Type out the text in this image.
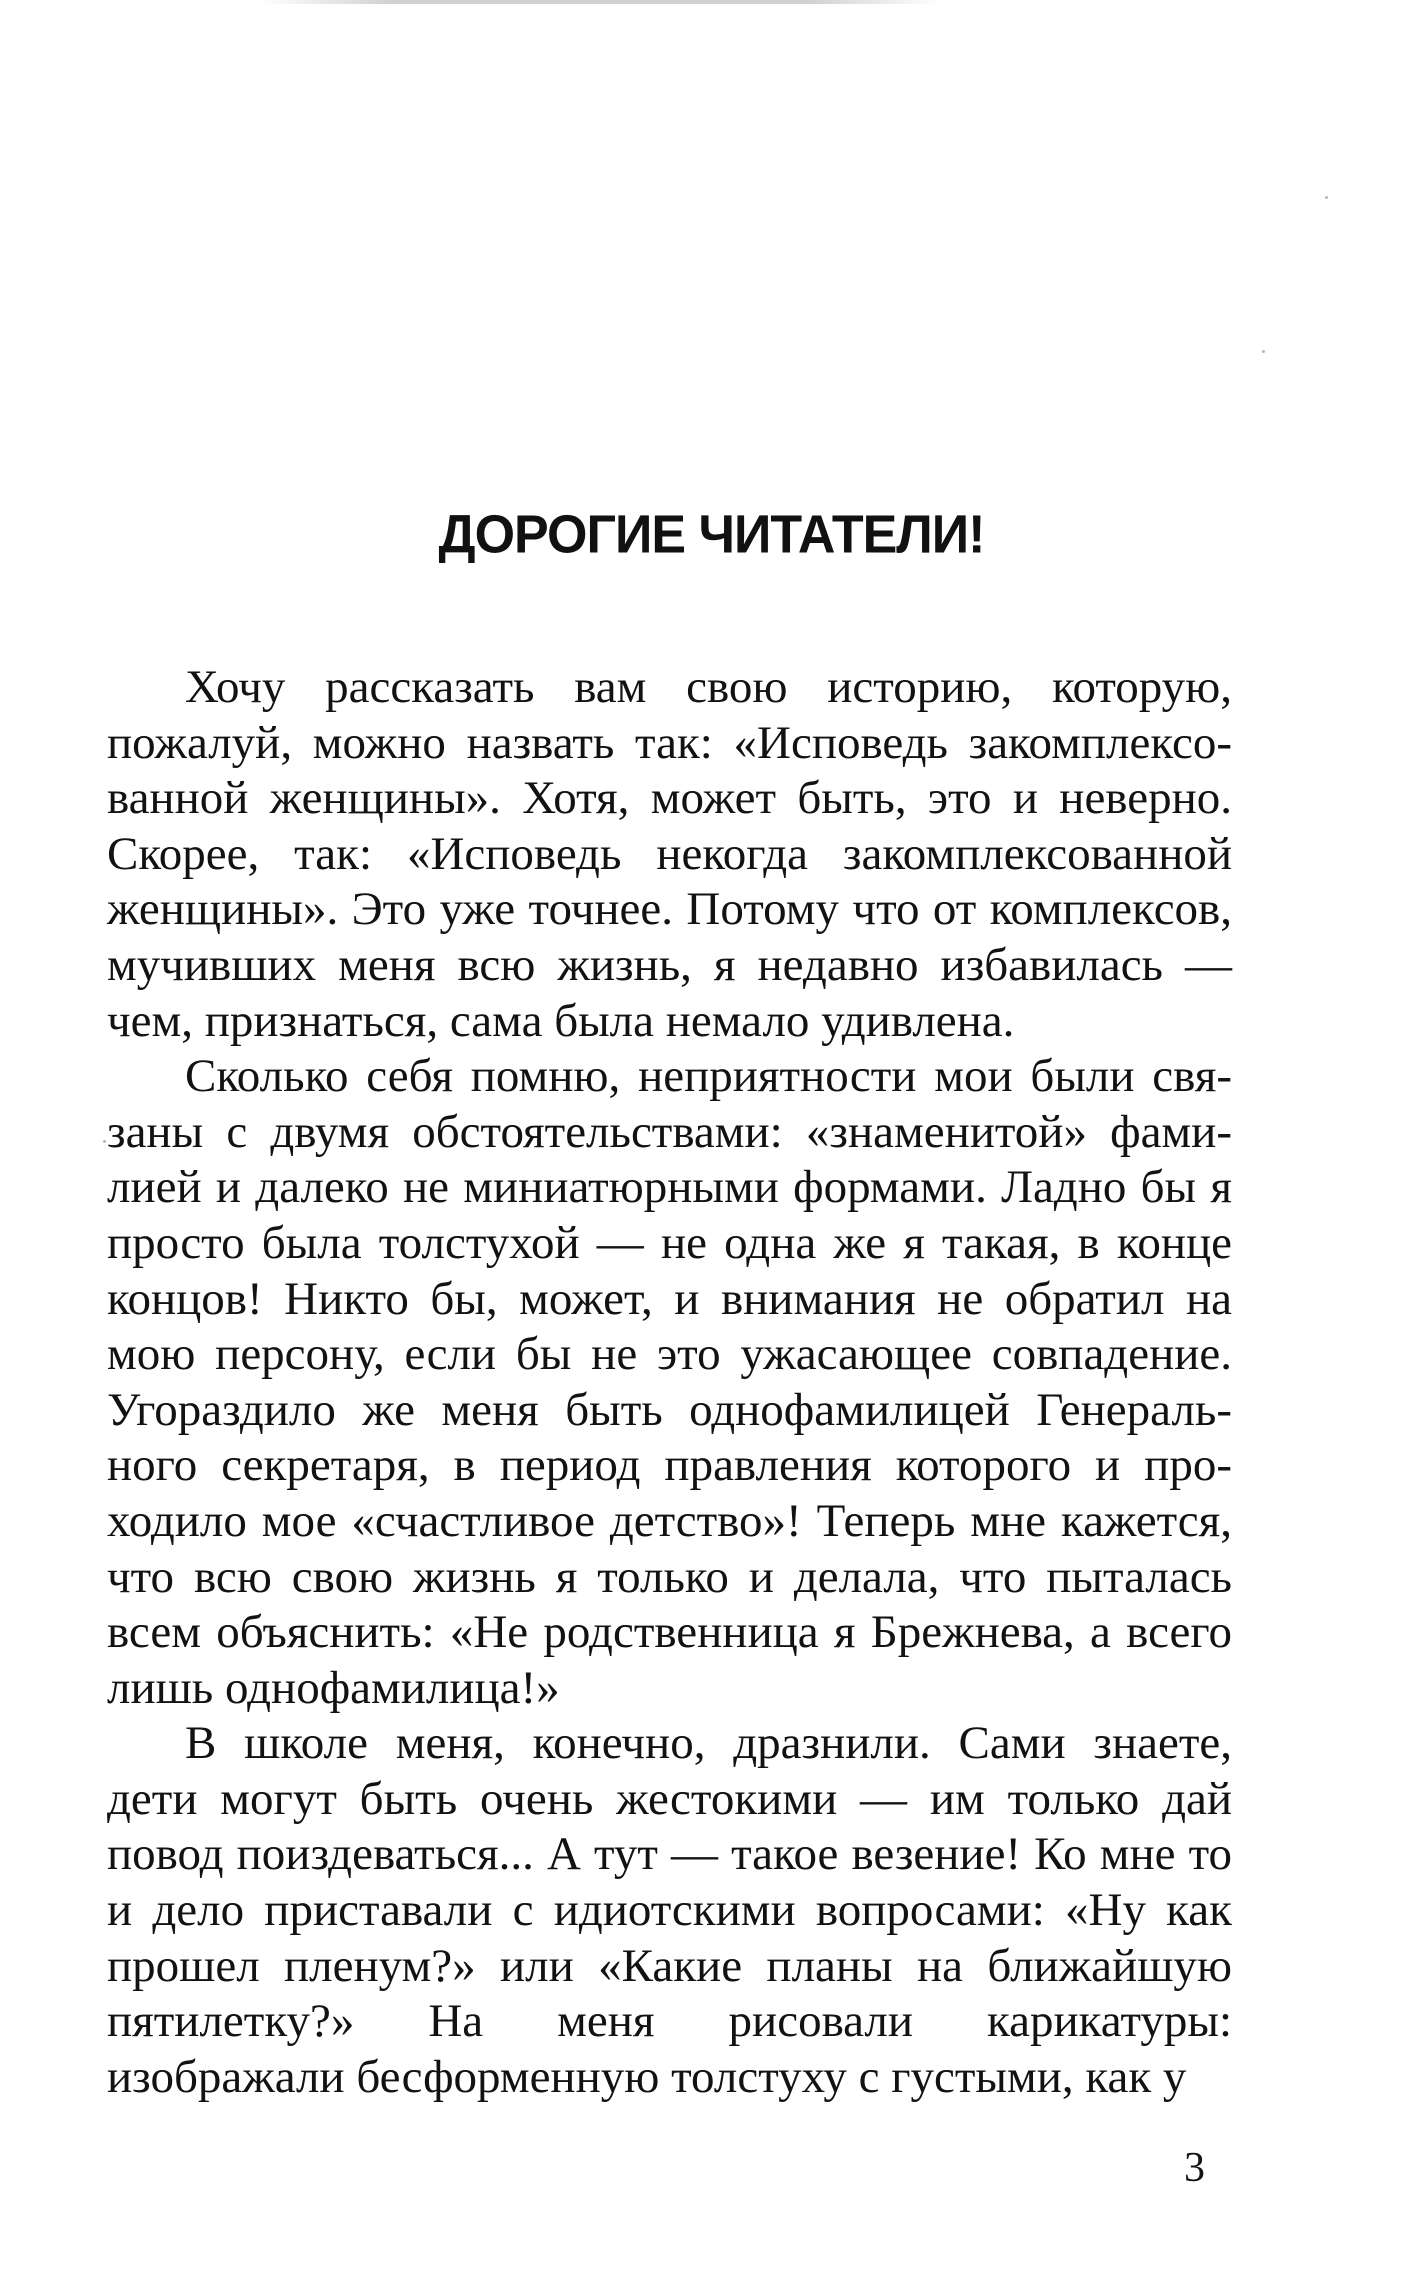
ДОРОГИЕ ЧИТАТЕЛИ!

Хочу рассказать вам свою историю, которую, пожалуй, можно назвать так: «Исповедь закомплексованной женщины». Хотя, может быть, это и неверно. Скорее, так: «Исповедь некогда закомплексованной женщины». Это уже точнее. Потому что от комплексов, мучивших меня всю жизнь, я недавно избавилась — чем, признаться, сама была немало удивлена.

Сколько себя помню, неприятности мои были связаны с двумя обстоятельствами: «знаменитой» фамилией и далеко не миниатюрными формами. Ладно бы я просто была толстухой — не одна же я такая, в конце концов! Никто бы, может, и внимания не обратил на мою персону, если бы не это ужасающее совпадение. Угораздило же меня быть однофамилицей Генерального секретаря, в период правления которого и проходило мое «счастливое детство»! Теперь мне кажется, что всю свою жизнь я только и делала, что пыталась всем объяснить: «Не родственница я Брежнева, а всего лишь однофамилица!»

В школе меня, конечно, дразнили. Сами знаете, дети могут быть очень жестокими — им только дай повод поиздеваться... А тут — такое везение! Ко мне то и дело приставали с идиотскими вопросами: «Ну как прошел пленум?» или «Какие планы на ближайшую пятилетку?» На меня рисовали карикатуры: изображали бесформенную толстуху с густыми, как у

3
